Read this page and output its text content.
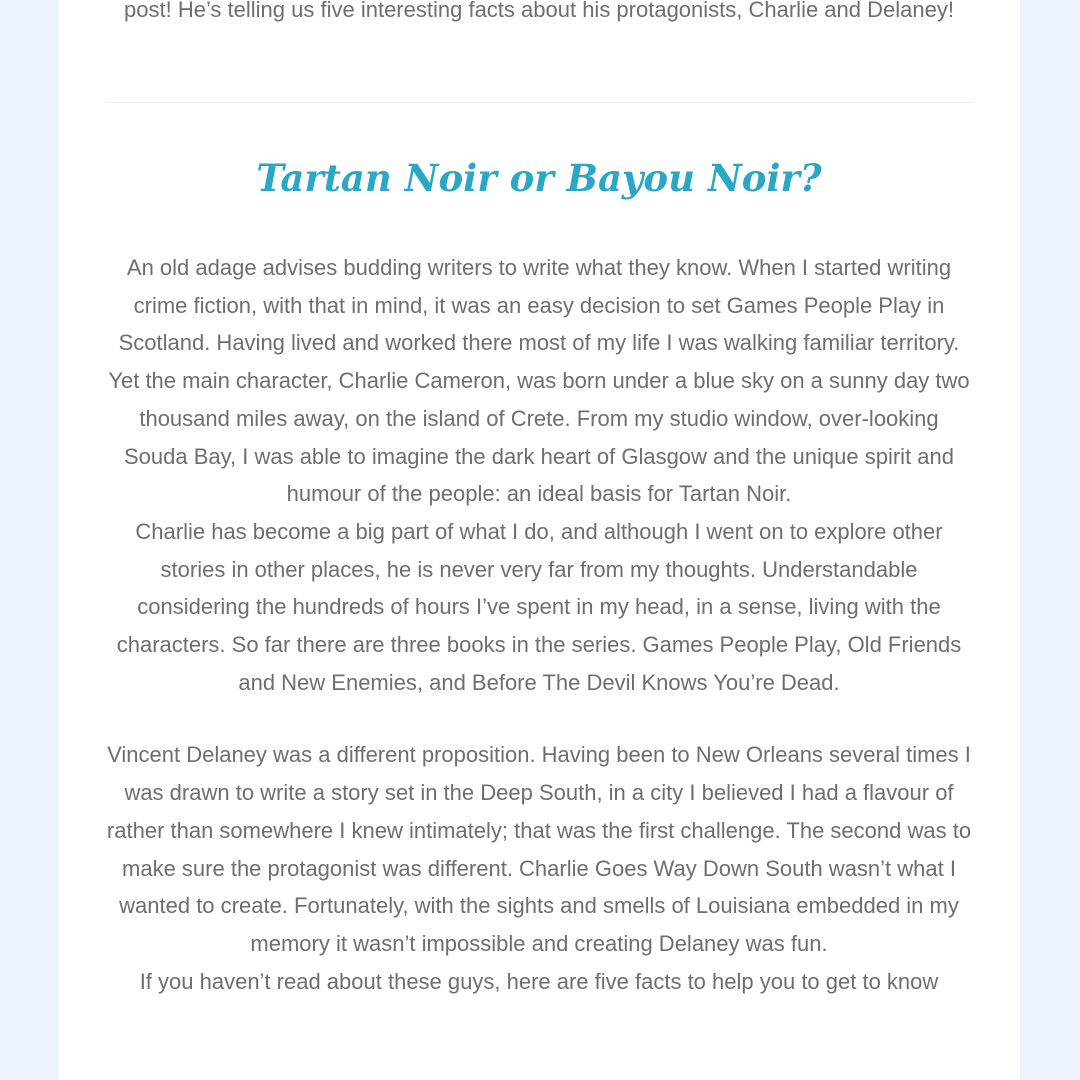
post! He’s telling us five interesting facts about his protagonists, Charlie and Delaney!

Tartan Noir or Bayou Noir?

An old adage advises budding writers to write what they know. When I started writing crime fiction, with that in mind, it was an easy decision to set Games People Play in Scotland. Having lived and worked there most of my life I was walking familiar territory.

Yet the main character, Charlie Cameron, was born under a blue sky on a sunny day two thousand miles away, on the island of Crete. From my studio window, over-looking Souda Bay, I was able to imagine the dark heart of Glasgow and the unique spirit and humour of the people: an ideal basis for Tartan Noir.

Charlie has become a big part of what I do, and although I went on to explore other stories in other places, he is never very far from my thoughts. Understandable considering the hundreds of hours I’ve spent in my head, in a sense, living with the characters. So far there are three books in the series. Games People Play, Old Friends and New Enemies, and Before The Devil Knows You’re Dead.

Vincent Delaney was a different proposition. Having been to New Orleans several times I was drawn to write a story set in the Deep South, in a city I believed I had a flavour of rather than somewhere I knew intimately; that was the first challenge. The second was to make sure the protagonist was different. Charlie Goes Way Down South wasn’t what I wanted to create. Fortunately, with the sights and smells of Louisiana embedded in my memory it wasn’t impossible and creating Delaney was fun.

If you haven’t read about these guys, here are five facts to help you to get to know
